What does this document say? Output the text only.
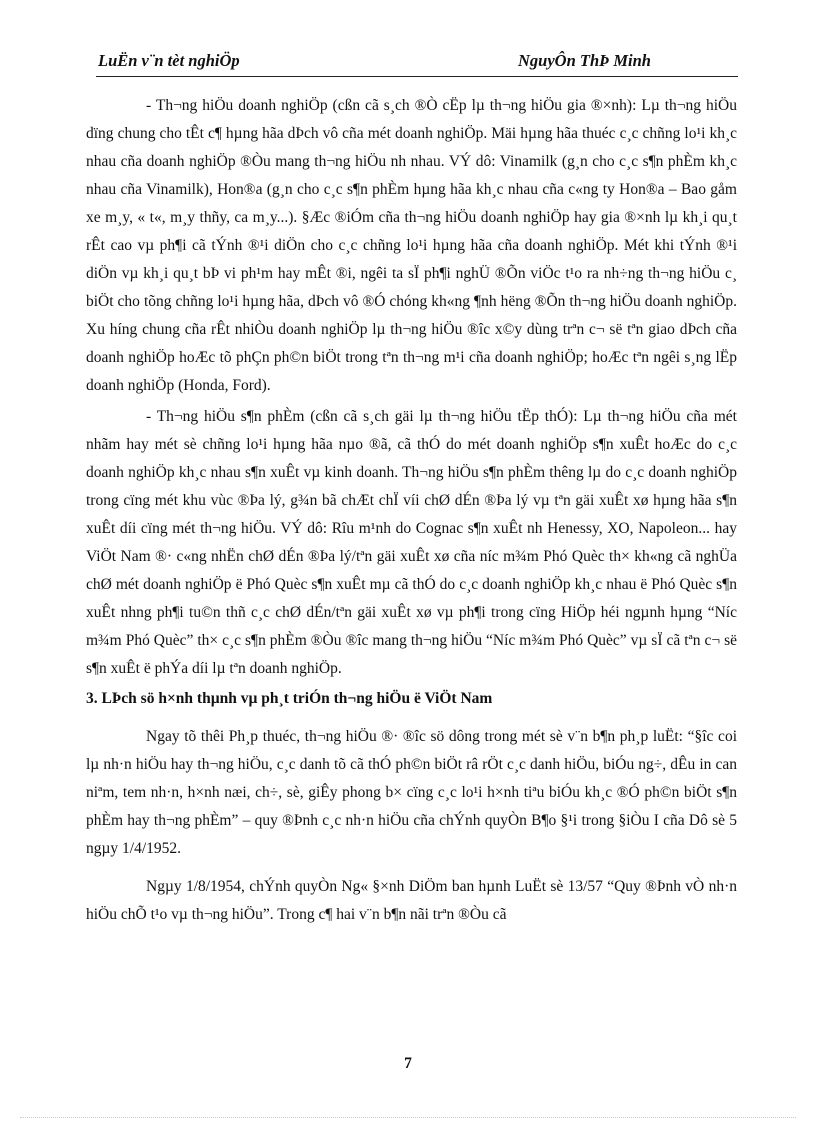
LuËn v¨n tèt nghiÖp	NguyÔn ThÞ Minh

- Th¬ng hiÖu doanh nghiÖp (cßn cã s¸ch ®Ò cËp lµ th¬ng hiÖu gia ®×nh): Lµ th¬ng hiÖu dïng chung cho tÊt c¶ hµng hãa dÞch vô cña mét doanh nghiÖp. Mäi hµng hãa thuéc c¸c chñng lo¹i kh¸c nhau cña doanh nghiÖp ®Òu mang th¬ng hiÖu nh nhau. VÝ dô: Vinamilk (g¸n cho c¸c s¶n phÈm kh¸c nhau cña Vinamilk), Hon®a (g¸n cho c¸c s¶n phÈm hµng hãa kh¸c nhau cña c«ng ty Hon®a – Bao gåm xe m¸y, « t«, m¸y thñy, ca m¸y...). §Æc ®iÓm cña th¬ng hiÖu doanh nghiÖp hay gia ®×nh lµ kh¸i qu¸t rÊt cao vµ ph¶i cã tÝnh ®¹i diÖn cho c¸c chñng lo¹i hµng hãa cña doanh nghiÖp. Mét khi tÝnh ®¹i diÖn vµ kh¸i qu¸t bÞ vi ph¹m hay mÊt ®i, ngêi ta sÏ ph¶i nghÜ ®Õn viÖc t¹o ra nh÷ng th¬ng hiÖu c¸ biÖt cho tõng chñng lo¹i hµng hãa, dÞch vô ®Ó chóng kh«ng ¶nh hëng ®Õn th¬ng hiÖu doanh nghiÖp. Xu híng chung cña rÊt nhiÒu doanh nghiÖp lµ th¬ng hiÖu ®îc x©y dùng trªn c¬ së tªn giao dÞch cña doanh nghiÖp hoÆc tõ phÇn ph©n biÖt trong tªn th¬ng m¹i cña doanh nghiÖp; hoÆc tªn ngêi s¸ng lËp doanh nghiÖp (Honda, Ford).

- Th¬ng hiÖu s¶n phÈm (cßn cã s¸ch gäi lµ th¬ng hiÖu tËp thÓ): Lµ th¬ng hiÖu cña mét nhãm hay mét sè chñng lo¹i hµng hãa nµo ®ã, cã thÓ do mét doanh nghiÖp s¶n xuÊt hoÆc do c¸c doanh nghiÖp kh¸c nhau s¶n xuÊt vµ kinh doanh. Th¬ng hiÖu s¶n phÈm thêng lµ do c¸c doanh nghiÖp trong cïng mét khu vùc ®Þa lý, g¾n bã chÆt chÏ víi chØ dÉn ®Þa lý vµ tªn gäi xuÊt xø hµng hãa s¶n xuÊt díi cïng mét th¬ng hiÖu. VÝ dô: Rîu m¹nh do Cognac s¶n xuÊt nh Henessy, XO, Napoleon... hay ViÖt Nam ®· c«ng nhËn chØ dÉn ®Þa lý/tªn gäi xuÊt xø cña níc m¾m Phó Quèc th× kh«ng cã nghÜa chØ mét doanh nghiÖp ë Phó Quèc s¶n xuÊt mµ cã thÓ do c¸c doanh nghiÖp kh¸c nhau ë Phó Quèc s¶n xuÊt nhng ph¶i tu©n thñ c¸c chØ dÉn/tªn gäi xuÊt xø vµ ph¶i trong cïng HiÖp héi ngµnh hµng “Níc m¾m Phó Quèc” th× c¸c s¶n phÈm ®Òu ®îc mang th¬ng hiÖu “Níc m¾m Phó Quèc” vµ sÏ cã tªn c¬ së s¶n xuÊt ë phÝa díi lµ tªn doanh nghiÖp.

3. LÞch sö h×nh thµnh vµ ph¸t triÓn th¬ng hiÖu ë ViÖt Nam

Ngay tõ thêi Ph¸p thuéc, th¬ng hiÖu ®· ®îc sö dông trong mét sè v¨n b¶n ph¸p luËt: “§îc coi lµ nh·n hiÖu hay th¬ng hiÖu, c¸c danh tõ cã thÓ ph©n biÖt râ rÖt c¸c danh hiÖu, biÓu ng÷, dÊu in can niªm, tem nh·n, h×nh næi, ch÷, sè, giÊy phong b× cïng c¸c lo¹i h×nh tiªu biÓu kh¸c ®Ó ph©n biÖt s¶n phÈm hay th¬ng phÈm” – quy ®Þnh c¸c nh·n hiÖu cña chÝnh quyÒn B¶o §¹i trong §iÒu I cña Dô sè 5 ngµy 1/4/1952.

Ngµy 1/8/1954, chÝnh quyÒn Ng« §×nh DiÖm ban hµnh LuËt sè 13/57 “Quy ®Þnh vÒ nh·n hiÖu chÕ t¹o vµ th¬ng hiÖu”. Trong c¶ hai v¨n b¶n nãi trªn ®Òu cã

7
